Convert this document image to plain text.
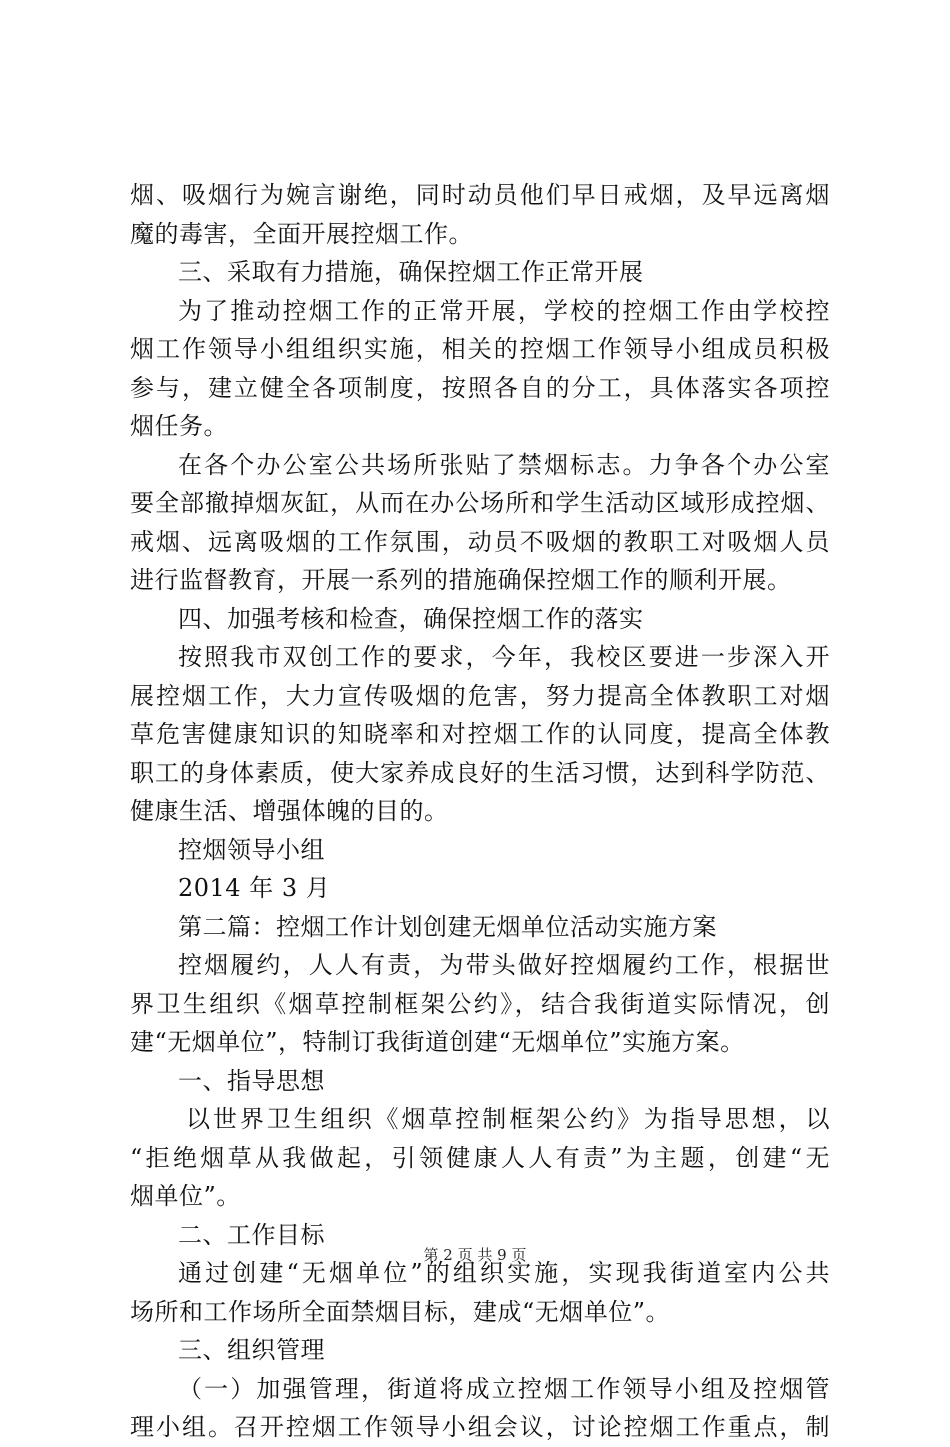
烟、吸烟行为婉言谢绝，同时动员他们早日戒烟，及早远离烟
魔的毒害，全面开展控烟工作。
三、采取有力措施，确保控烟工作正常开展
为了推动控烟工作的正常开展，学校的控烟工作由学校控
烟工作领导小组组织实施，相关的控烟工作领导小组成员积极
参与，建立健全各项制度，按照各自的分工，具体落实各项控
烟任务。
在各个办公室公共场所张贴了禁烟标志。力争各个办公室
要全部撤掉烟灰缸，从而在办公场所和学生活动区域形成控烟、
戒烟、远离吸烟的工作氛围，动员不吸烟的教职工对吸烟人员
进行监督教育，开展一系列的措施确保控烟工作的顺利开展。
四、加强考核和检查，确保控烟工作的落实
按照我市双创工作的要求，今年，我校区要进一步深入开
展控烟工作，大力宣传吸烟的危害，努力提高全体教职工对烟
草危害健康知识的知晓率和对控烟工作的认同度，提高全体教
职工的身体素质，使大家养成良好的生活习惯，达到科学防范、
健康生活、增强体魄的目的。
控烟领导小组
2014 年 3 月
第二篇：控烟工作计划创建无烟单位活动实施方案
控烟履约，人人有责，为带头做好控烟履约工作，根据世
界卫生组织《烟草控制框架公约》，结合我街道实际情况，创
建“无烟单位”，特制订我街道创建“无烟单位”实施方案。
一、指导思想
以世界卫生组织《烟草控制框架公约》为指导思想，以
“拒绝烟草从我做起，引领健康人人有责”为主题，创建“无
烟单位”。
二、工作目标
通过创建“无烟单位”的组织实施，实现我街道室内公共
场所和工作场所全面禁烟目标，建成“无烟单位”。
三、组织管理
（一）加强管理，街道将成立控烟工作领导小组及控烟管
理小组。召开控烟工作领导小组会议，讨论控烟工作重点，制
第 2 页 共 9 页
